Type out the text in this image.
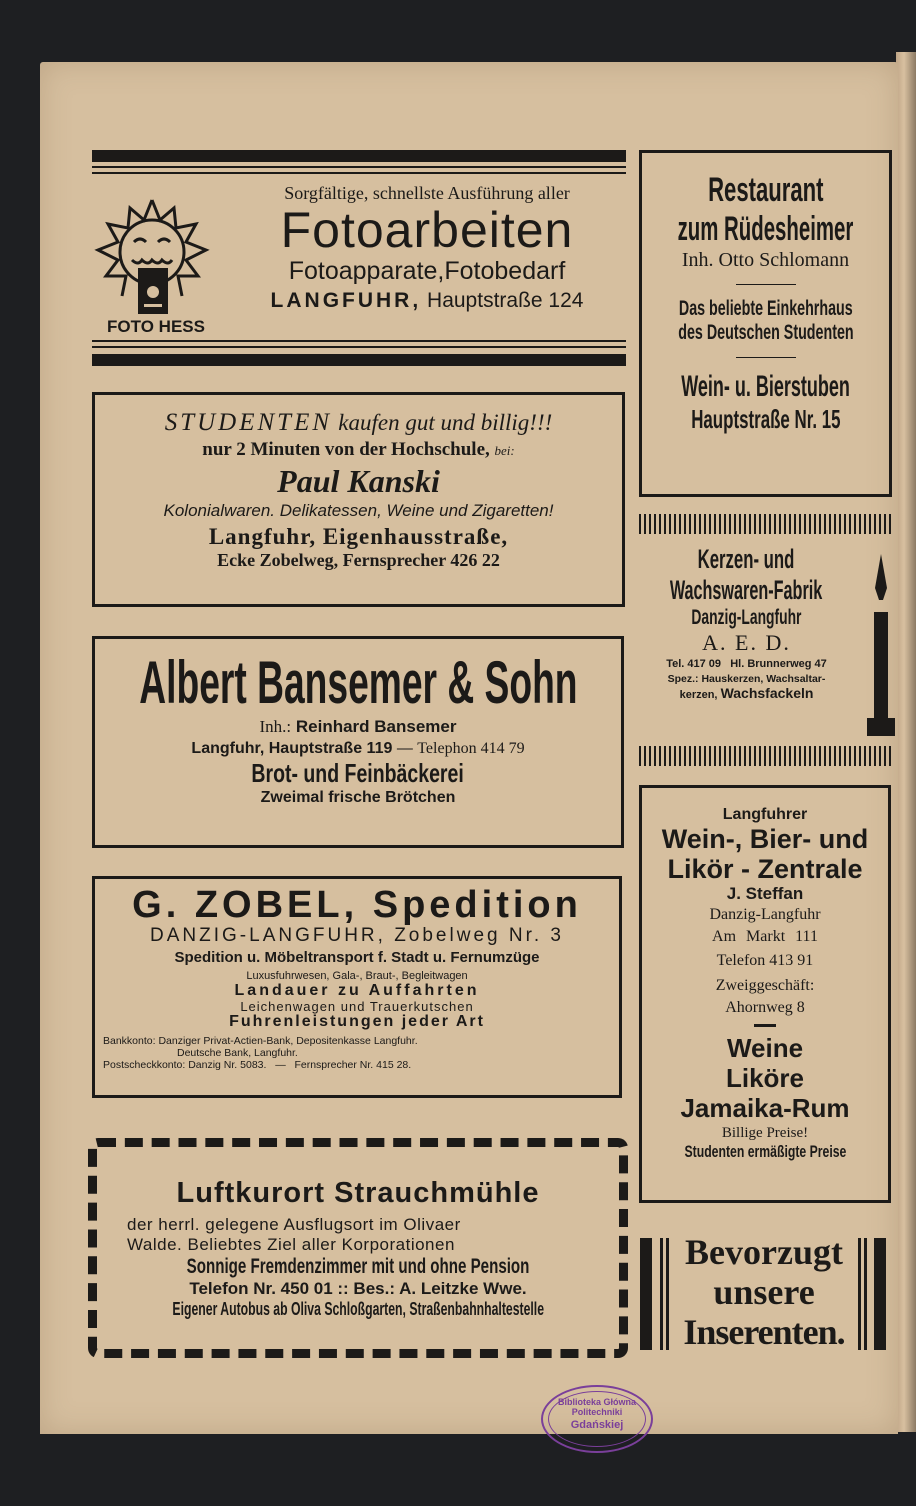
FOTO HESS
Sorgfältige, schnellste Ausführung aller
Fotoarbeiten
Fotoapparate,Fotobedarf
LANGFUHR, Hauptstraße 124
STUDENTEN kaufen gut und billig!!!
nur 2 Minuten von der Hochschule, bei:
Paul Kanski
Kolonialwaren. Delikatessen, Weine und Zigaretten!
Langfuhr, Eigenhausstraße,
Ecke Zobelweg, Fernsprecher 426 22
Albert Bansemer & Sohn
Inh.: Reinhard Bansemer
Langfuhr, Hauptstraße 119 — Telephon 414 79
Brot- und Feinbäckerei
Zweimal frische Brötchen
G. ZOBEL, Spedition
DANZIG-LANGFUHR, Zobelweg Nr. 3
Spedition u. Möbeltransport f. Stadt u. Fernumzüge
Luxusfuhrwesen, Gala-, Braut-, Begleitwagen
Landauer zu Auffahrten
Leichenwagen und Trauerkutschen
Fuhrenleistungen jeder Art
Bankkonto: Danziger Privat-Actien-Bank, Depositenkasse Langfuhr.
Deutsche Bank, Langfuhr.
Postscheckkonto: Danzig Nr. 5083. — Fernsprecher Nr. 415 28.
Luftkurort Strauchmühle
der herrl. gelegene Ausflugsort im Olivaer
Walde. Beliebtes Ziel aller Korporationen
Sonnige Fremdenzimmer mit und ohne Pension
Telefon Nr. 450 01 :: Bes.: A. Leitzke Wwe.
Eigener Autobus ab Oliva Schloßgarten, Straßenbahnhaltestelle
Restaurant
zum Rüdesheimer
Inh. Otto Schlomann
Das beliebte Einkehrhaus
des Deutschen Studenten
Wein- u. Bierstuben
Hauptstraße Nr. 15
Kerzen- und
Wachswaren-Fabrik
Danzig-Langfuhr
A. E. D.
Tel. 417 09   Hl. Brunnerweg 47
Spez.: Hauskerzen, Wachsaltar-
kerzen, Wachsfackeln
Langfuhrer
Wein-, Bier- und
Likör - Zentrale
J. Steffan
Danzig-Langfuhr
Am Markt 111
Telefon 413 91
Zweiggeschäft:
Ahornweg 8
Weine
Liköre
Jamaika-Rum
Billige Preise!
Studenten ermäßigte Preise
Bevorzugt
unsere
Inserenten.
Biblioteka Główna
Politechniki
Gdańskiej
